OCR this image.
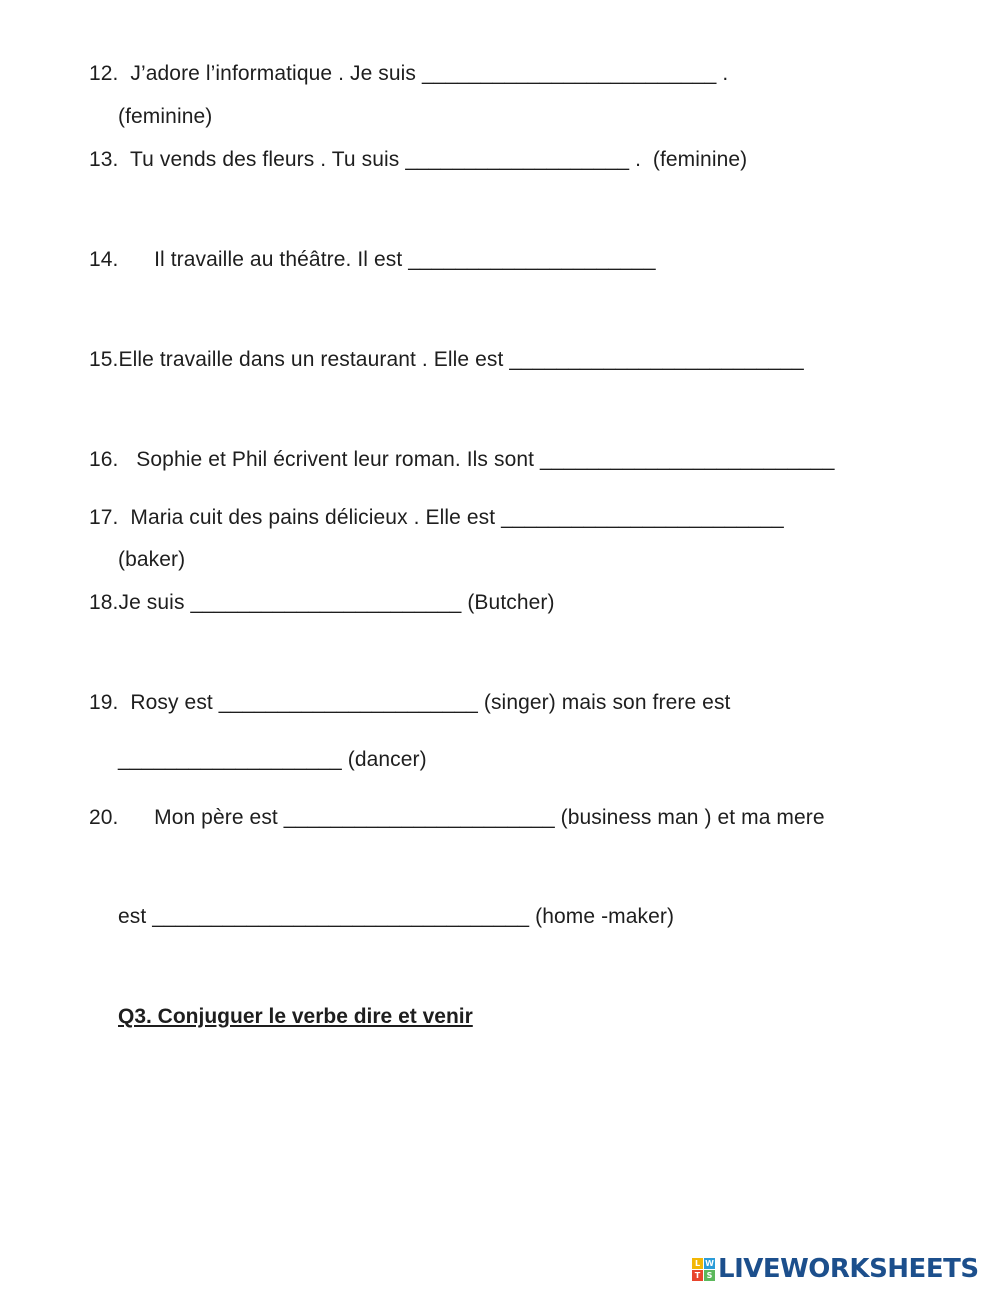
12.  J’adore l’informatique . Je suis _________________________ .
(feminine)
13.  Tu vends des fleurs . Tu suis ___________________ .  (feminine)
14.      Il travaille au théâtre. Il est _____________________
15.Elle travaille dans un restaurant . Elle est _________________________
16.   Sophie et Phil écrivent leur roman. Ils sont _________________________
17.  Maria cuit des pains délicieux . Elle est ________________________
(baker)
18.Je suis _______________________ (Butcher)
19.  Rosy est ______________________ (singer) mais son frere est
___________________ (dancer)
20.      Mon père est _______________________ (business man ) et ma mere
est ________________________________ (home -maker)
Q3. Conjuguer le verbe dire et venir
L W
T S LIVEWORKSHEETS
